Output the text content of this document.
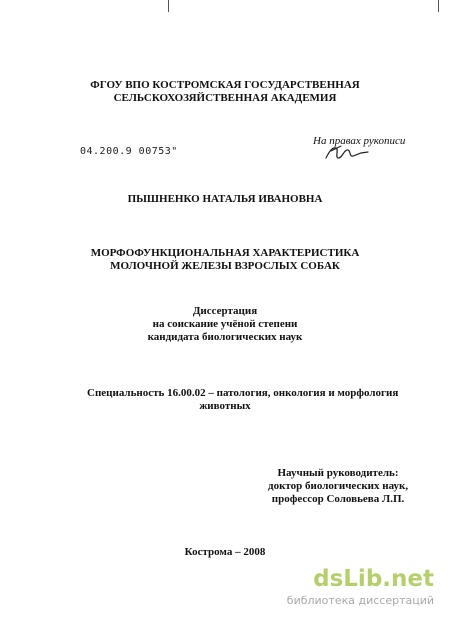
ФГОУ ВПО КОСТРОМСКАЯ ГОСУДАРСТВЕННАЯ
СЕЛЬСКОХОЗЯЙСТВЕННАЯ АКАДЕМИЯ
04.200.9 00753"
На правах рукописи
ПЫШНЕНКО НАТАЛЬЯ ИВАНОВНА
МОРФОФУНКЦИОНАЛЬНАЯ ХАРАКТЕРИСТИКА
МОЛОЧНОЙ ЖЕЛЕЗЫ ВЗРОСЛЫХ СОБАК
Диссертация
на соискание учёной степени
кандидата биологических наук
Специальность 16.00.02 – патология, онкология и морфология
животных
Научный руководитель:
доктор биологических наук,
профессор Соловьева Л.П.
Кострома – 2008
dsLib.net
библиотека диссертаций
